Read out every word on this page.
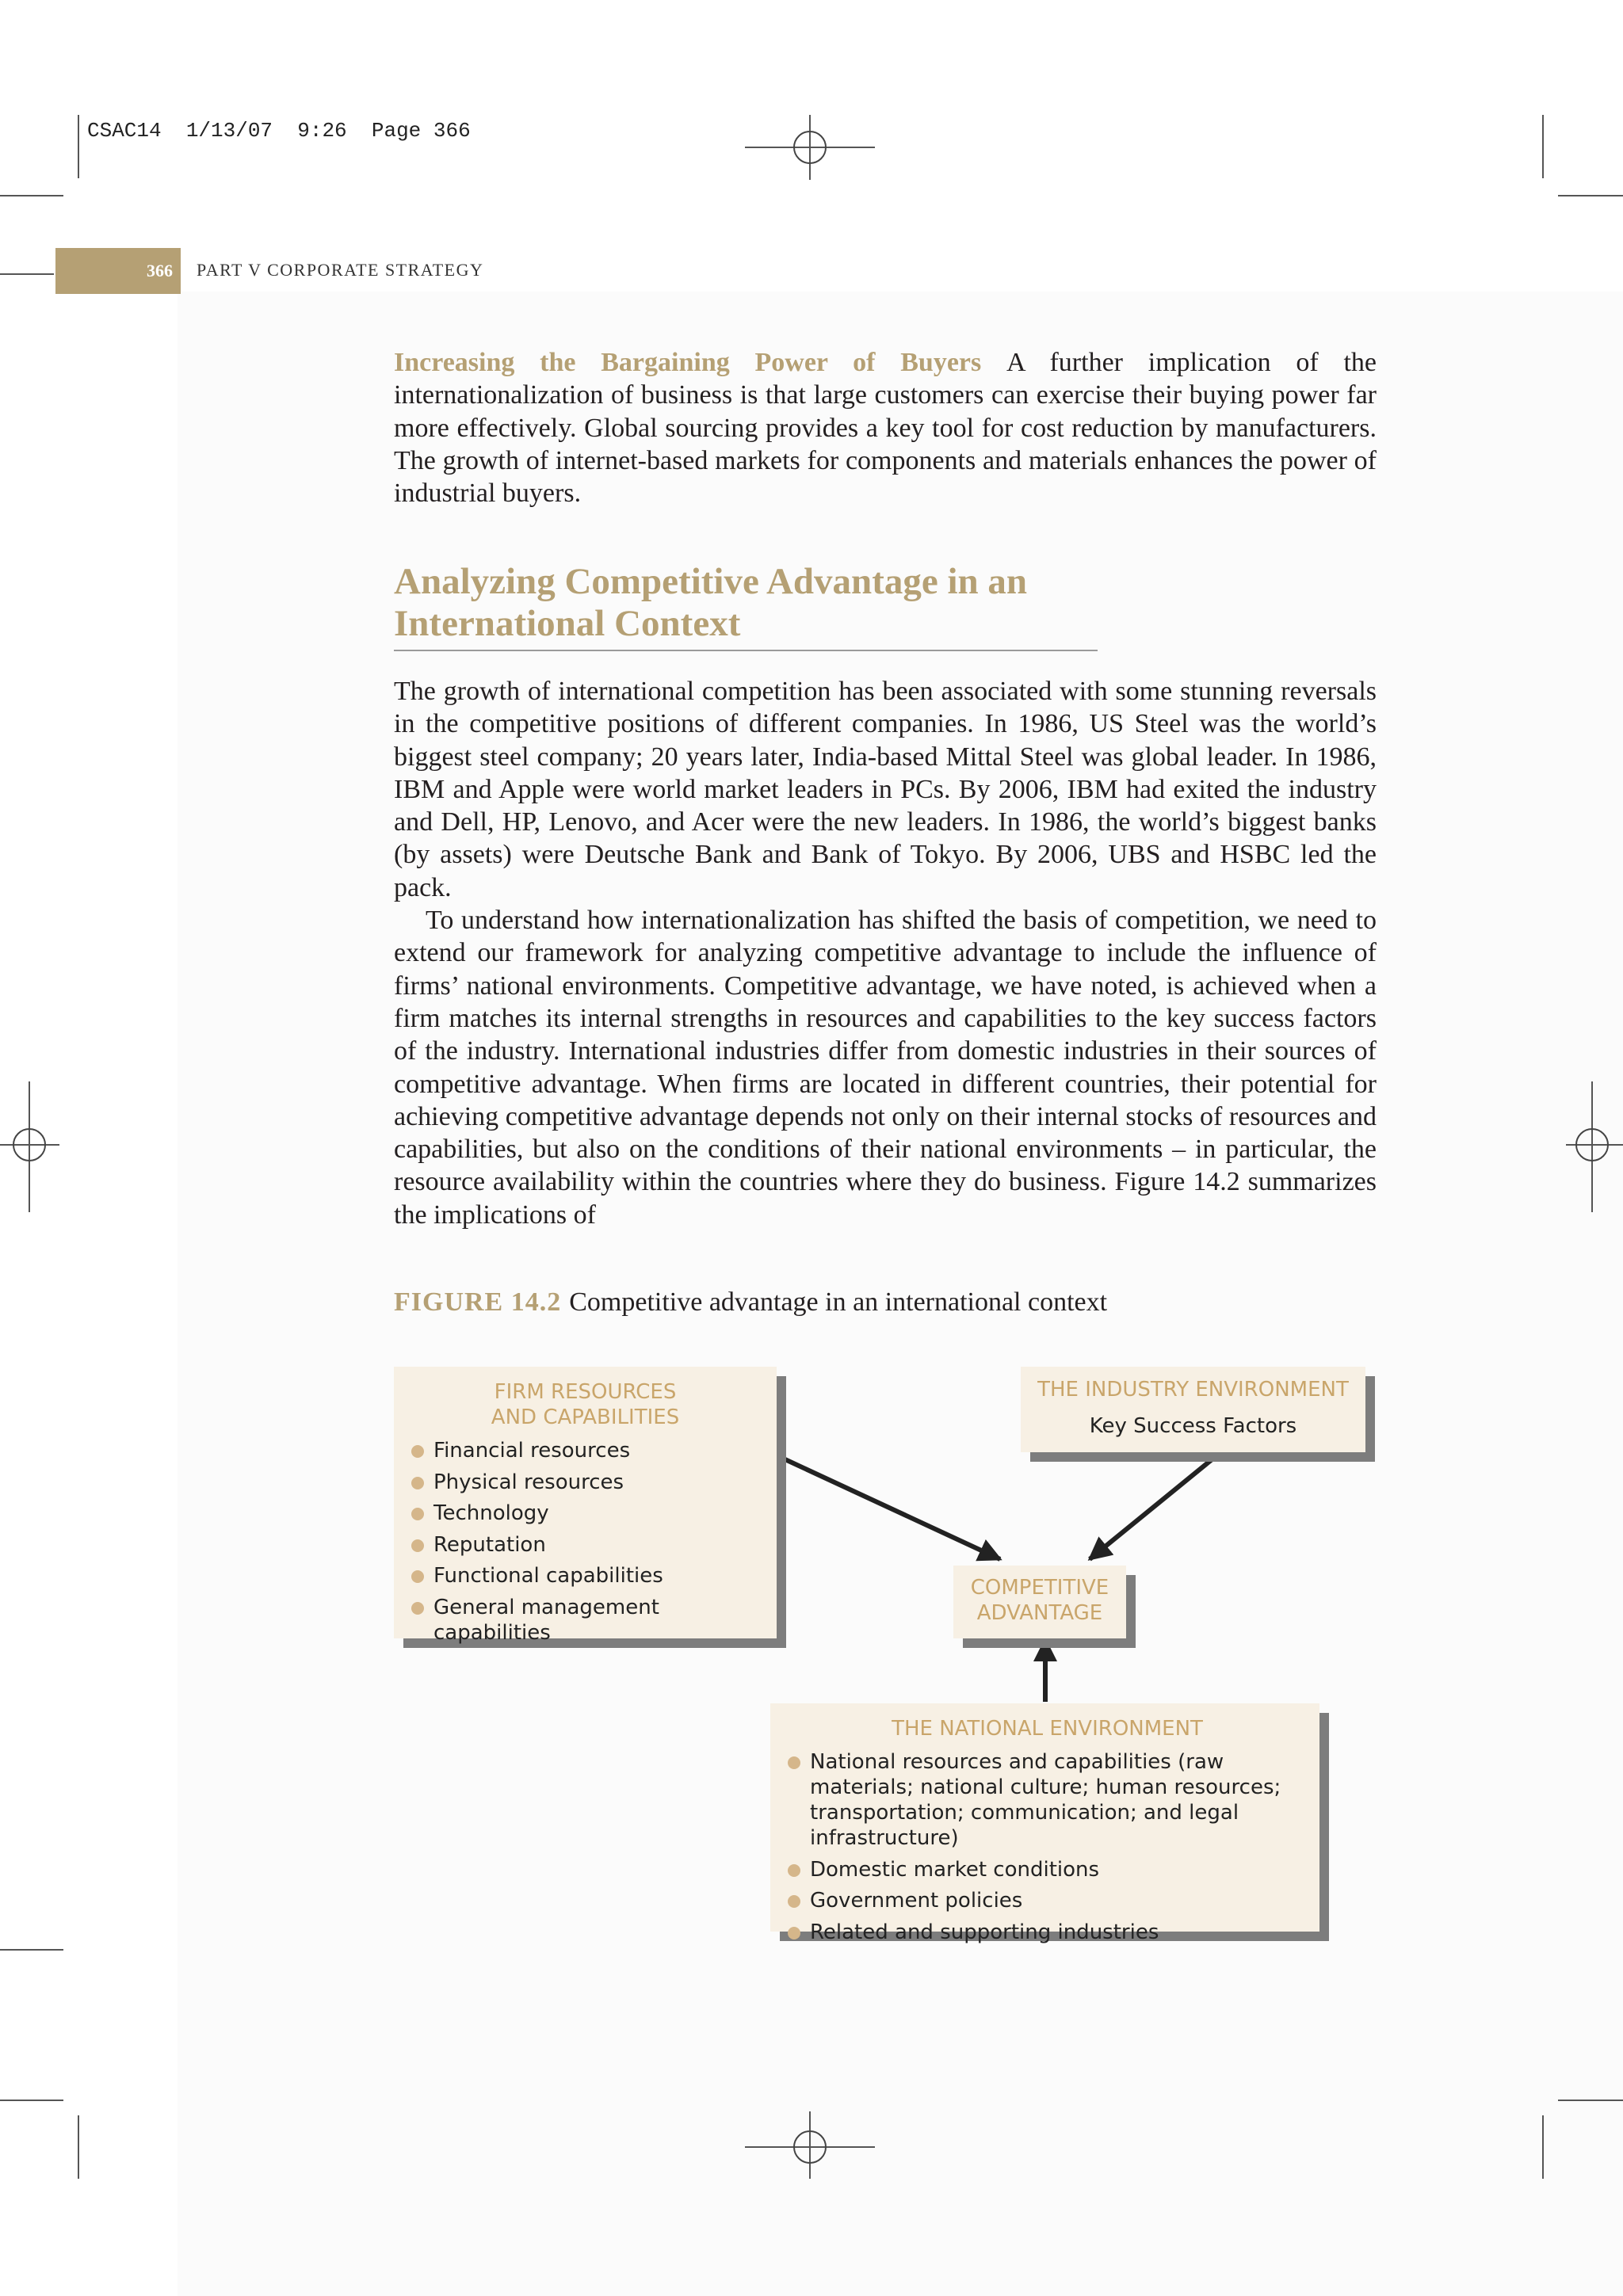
CSAC14  1/13/07  9:26  Page 366
366	PART V CORPORATE STRATEGY

Increasing the Bargaining Power of Buyers A further implication of the internationalization of business is that large customers can exercise their buying power far more effectively. Global sourcing provides a key tool for cost reduction by manufacturers. The growth of internet-based markets for components and materials enhances the power of industrial buyers.

Analyzing Competitive Advantage in an
International Context

The growth of international competition has been associated with some stunning reversals in the competitive positions of different companies. In 1986, US Steel was the world’s biggest steel company; 20 years later, India-based Mittal Steel was global leader. In 1986, IBM and Apple were world market leaders in PCs. By 2006, IBM had exited the industry and Dell, HP, Lenovo, and Acer were the new leaders. In 1986, the world’s biggest banks (by assets) were Deutsche Bank and Bank of Tokyo. By 2006, UBS and HSBC led the pack.

To understand how internationalization has shifted the basis of competition, we need to extend our framework for analyzing competitive advantage to include the influence of firms’ national environments. Competitive advantage, we have noted, is achieved when a firm matches its internal strengths in resources and capabilities to the key success factors of the industry. International industries differ from domestic industries in their sources of competitive advantage. When firms are located in different countries, their potential for achieving competitive advantage depends not only on their internal stocks of resources and capabilities, but also on the conditions of their national environments – in particular, the resource availability within the countries where they do business. Figure 14.2 summarizes the implications of

FIGURE 14.2 Competitive advantage in an international context
FIRM RESOURCES
AND CAPABILITIES
Financial resources
Physical resources
Technology
Reputation
Functional capabilities
General management capabilities
THE INDUSTRY ENVIRONMENT
Key Success Factors
COMPETITIVE
ADVANTAGE
THE NATIONAL ENVIRONMENT
National resources and capabilities (raw materials; national culture; human resources; transportation; communication; and legal infrastructure)
Domestic market conditions
Government policies
Related and supporting industries
